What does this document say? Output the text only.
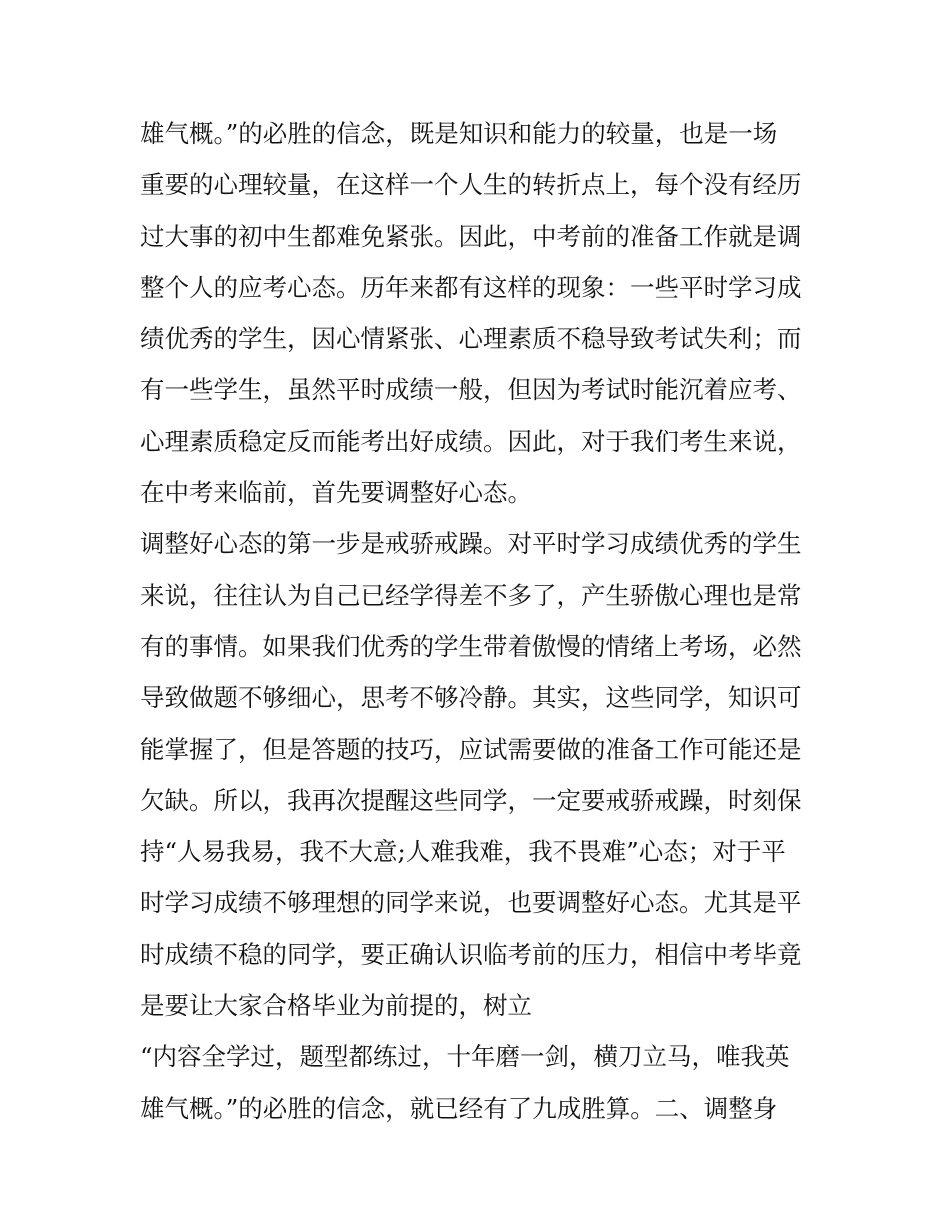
雄气概。”的必胜的信念，既是知识和能力的较量，也是一场
重要的心理较量，在这样一个人生的转折点上，每个没有经历
过大事的初中生都难免紧张。因此，中考前的准备工作就是调
整个人的应考心态。历年来都有这样的现象：一些平时学习成
绩优秀的学生，因心情紧张、心理素质不稳导致考试失利；而
有一些学生，虽然平时成绩一般，但因为考试时能沉着应考、
心理素质稳定反而能考出好成绩。因此，对于我们考生来说，
在中考来临前，首先要调整好心态。
调整好心态的第一步是戒骄戒躁。对平时学习成绩优秀的学生
来说，往往认为自己已经学得差不多了，产生骄傲心理也是常
有的事情。如果我们优秀的学生带着傲慢的情绪上考场，必然
导致做题不够细心，思考不够冷静。其实，这些同学，知识可
能掌握了，但是答题的技巧，应试需要做的准备工作可能还是
欠缺。所以，我再次提醒这些同学，一定要戒骄戒躁，时刻保
持“人易我易，我不大意;人难我难，我不畏难”心态；对于平
时学习成绩不够理想的同学来说，也要调整好心态。尤其是平
时成绩不稳的同学，要正确认识临考前的压力，相信中考毕竟
是要让大家合格毕业为前提的，树立
“内容全学过，题型都练过，十年磨一剑，横刀立马，唯我英
雄气概。”的必胜的信念，就已经有了九成胜算。二、调整身
